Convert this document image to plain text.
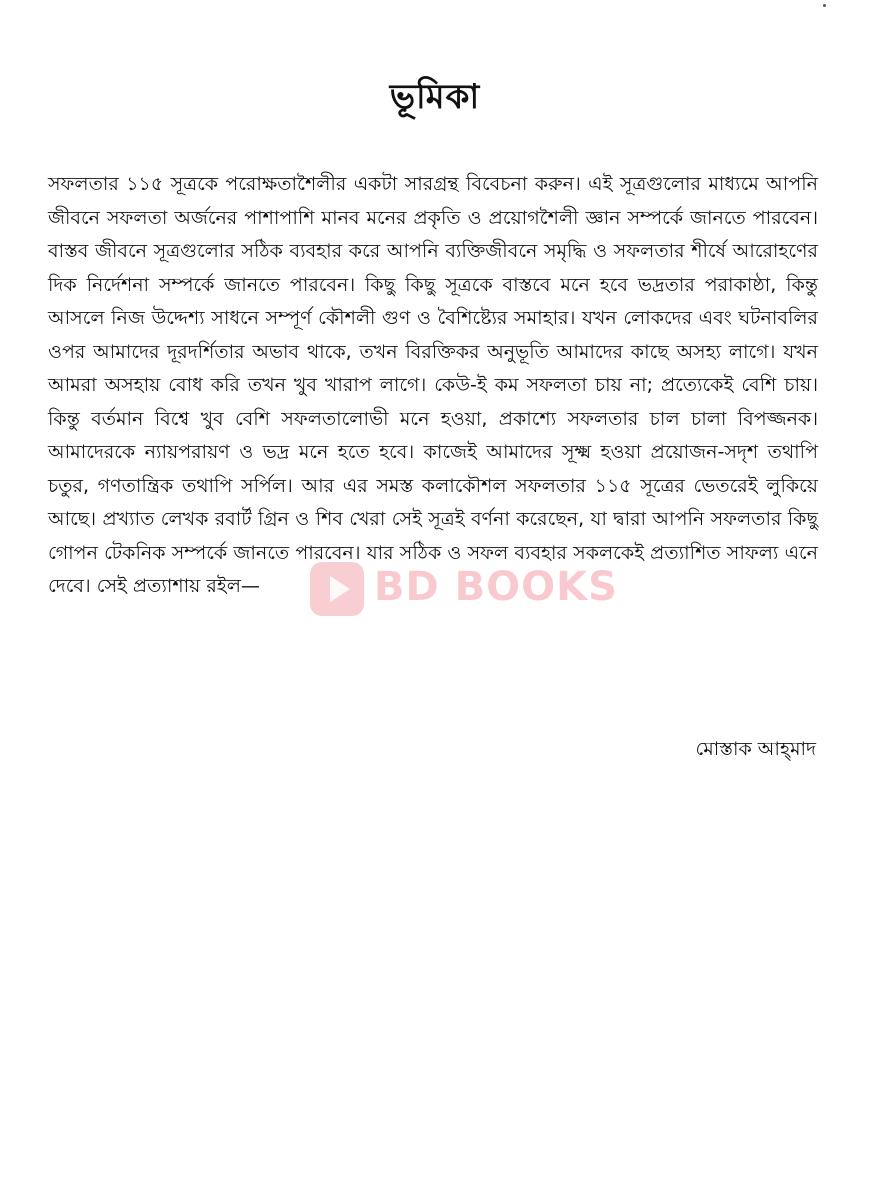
ভূমিকা

সফলতার ১১৫ সূত্রকে পরোক্ষতাশৈলীর একটা সারগ্রন্থ বিবেচনা করুন। এই সূত্রগুলোর মাধ্যমে আপনি জীবনে সফলতা অর্জনের পাশাপাশি মানব মনের প্রকৃতি ও প্রয়োগশৈলী জ্ঞান সম্পর্কে জানতে পারবেন। বাস্তব জীবনে সূত্রগুলোর সঠিক ব্যবহার করে আপনি ব্যক্তিজীবনে সমৃদ্ধি ও সফলতার শীর্ষে আরোহণের দিক নির্দেশনা সম্পর্কে জানতে পারবেন। কিছু কিছু সূত্রকে বাস্তবে মনে হবে ভদ্রতার পরাকাষ্ঠা, কিন্তু আসলে নিজ উদ্দেশ্য সাধনে সম্পূর্ণ কৌশলী গুণ ও বৈশিষ্ট্যের সমাহার। যখন লোকদের এবং ঘটনাবলির ওপর আমাদের দূরদর্শিতার অভাব থাকে, তখন বিরক্তিকর অনুভূতি আমাদের কাছে অসহ্য লাগে। যখন আমরা অসহায় বোধ করি তখন খুব খারাপ লাগে। কেউ-ই কম সফলতা চায় না; প্রত্যেকেই বেশি চায়। কিন্তু বর্তমান বিশ্বে খুব বেশি সফলতালোভী মনে হওয়া, প্রকাশ্যে সফলতার চাল চালা বিপজ্জনক। আমাদেরকে ন্যায়পরায়ণ ও ভদ্র মনে হতে হবে। কাজেই আমাদের সূক্ষ্ম হওয়া প্রয়োজন-সদৃশ তথাপি চতুর, গণতান্ত্রিক তথাপি সর্পিল। আর এর সমস্ত কলাকৌশল সফলতার ১১৫ সূত্রের ভেতরেই লুকিয়ে আছে। প্রখ্যাত লেখক রবার্ট গ্রিন ও শিব খেরা সেই সূত্রই বর্ণনা করেছেন, যা দ্বারা আপনি সফলতার কিছু গোপন টেকনিক সম্পর্কে জানতে পারবেন। যার সঠিক ও সফল ব্যবহার সকলকেই প্রত্যাশিত সাফল্য এনে দেবে। সেই প্রত্যাশায় রইল—	BD BOOKS
মোস্তাক আহ্‌মাদ
